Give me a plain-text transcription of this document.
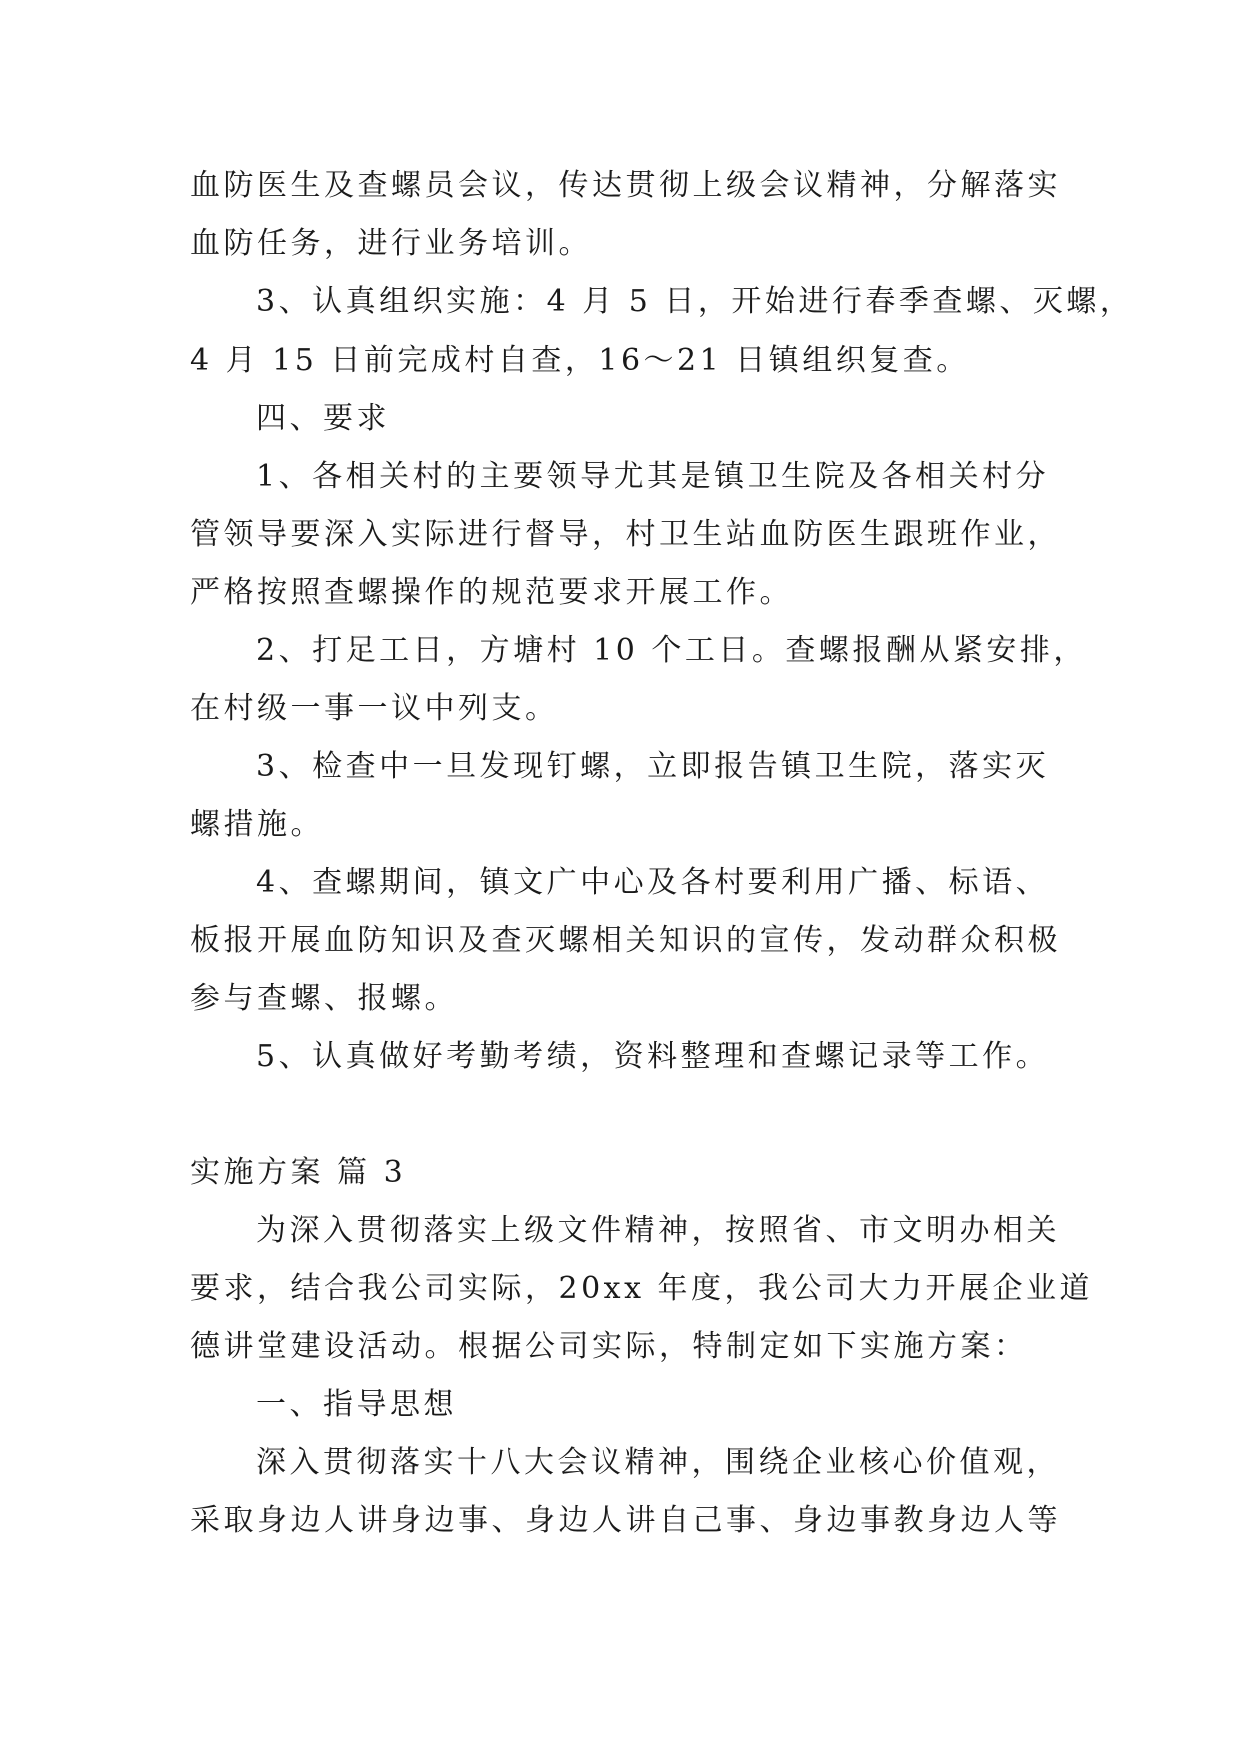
血防医生及查螺员会议，传达贯彻上级会议精神，分解落实
血防任务，进行业务培训。
3、认真组织实施：4 月 5 日，开始进行春季查螺、灭螺，
4 月 15 日前完成村自查，16～21 日镇组织复查。
四、要求
1、各相关村的主要领导尤其是镇卫生院及各相关村分
管领导要深入实际进行督导，村卫生站血防医生跟班作业，
严格按照查螺操作的规范要求开展工作。
2、打足工日，方塘村 10 个工日。查螺报酬从紧安排，
在村级一事一议中列支。
3、检查中一旦发现钉螺，立即报告镇卫生院，落实灭
螺措施。
4、查螺期间，镇文广中心及各村要利用广播、标语、
板报开展血防知识及查灭螺相关知识的宣传，发动群众积极
参与查螺、报螺。
5、认真做好考勤考绩，资料整理和查螺记录等工作。
实施方案 篇 3
为深入贯彻落实上级文件精神，按照省、市文明办相关
要求，结合我公司实际，20xx 年度，我公司大力开展企业道
德讲堂建设活动。根据公司实际，特制定如下实施方案：
一、指导思想
深入贯彻落实十八大会议精神，围绕企业核心价值观，
采取身边人讲身边事、身边人讲自己事、身边事教身边人等
